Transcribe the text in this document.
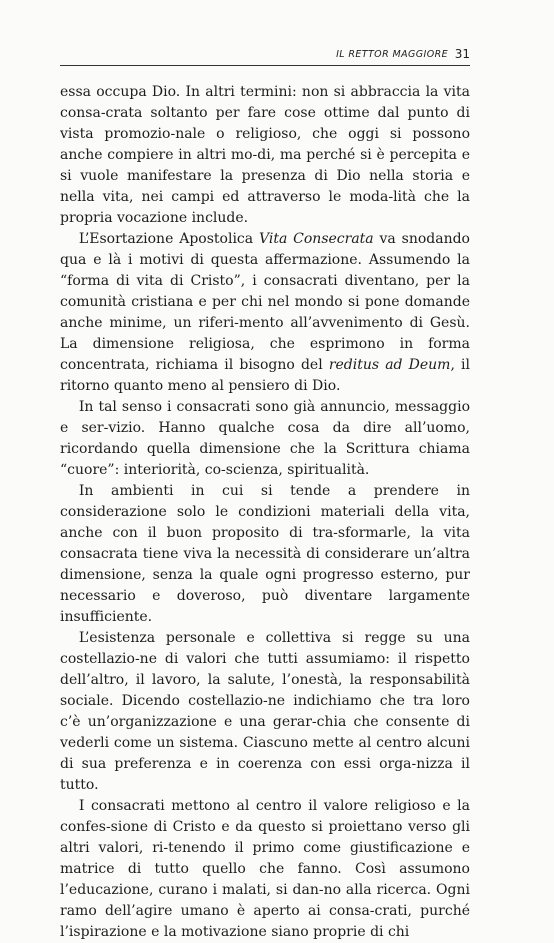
IL RETTOR MAGGIORE 31

essa occupa Dio. In altri termini: non si abbraccia la vita consa-crata soltanto per fare cose ottime dal punto di vista promozio-nale o religioso, che oggi si possono anche compiere in altri mo-di, ma perché si è percepita e si vuole manifestare la presenza di Dio nella storia e nella vita, nei campi ed attraverso le moda-lità che la propria vocazione include.

L’Esortazione Apostolica Vita Consecrata va snodando qua e là i motivi di questa affermazione. Assumendo la “forma di vita di Cristo”, i consacrati diventano, per la comunità cristiana e per chi nel mondo si pone domande anche minime, un riferi-mento all’avvenimento di Gesù. La dimensione religiosa, che esprimono in forma concentrata, richiama il bisogno del reditus ad Deum, il ritorno quanto meno al pensiero di Dio.

In tal senso i consacrati sono già annuncio, messaggio e ser-vizio. Hanno qualche cosa da dire all’uomo, ricordando quella dimensione che la Scrittura chiama “cuore”: interiorità, co-scienza, spiritualità.

In ambienti in cui si tende a prendere in considerazione solo le condizioni materiali della vita, anche con il buon proposito di tra-sformarle, la vita consacrata tiene viva la necessità di considerare un’altra dimensione, senza la quale ogni progresso esterno, pur necessario e doveroso, può diventare largamente insufficiente.

L’esistenza personale e collettiva si regge su una costellazio-ne di valori che tutti assumiamo: il rispetto dell’altro, il lavoro, la salute, l’onestà, la responsabilità sociale. Dicendo costellazio-ne indichiamo che tra loro c’è un’organizzazione e una gerar-chia che consente di vederli come un sistema. Ciascuno mette al centro alcuni di sua preferenza e in coerenza con essi orga-nizza il tutto.

I consacrati mettono al centro il valore religioso e la confes-sione di Cristo e da questo si proiettano verso gli altri valori, ri-tenendo il primo come giustificazione e matrice di tutto quello che fanno. Così assumono l’educazione, curano i malati, si dan-no alla ricerca. Ogni ramo dell’agire umano è aperto ai consa-crati, purché l’ispirazione e la motivazione siano proprie di chi
